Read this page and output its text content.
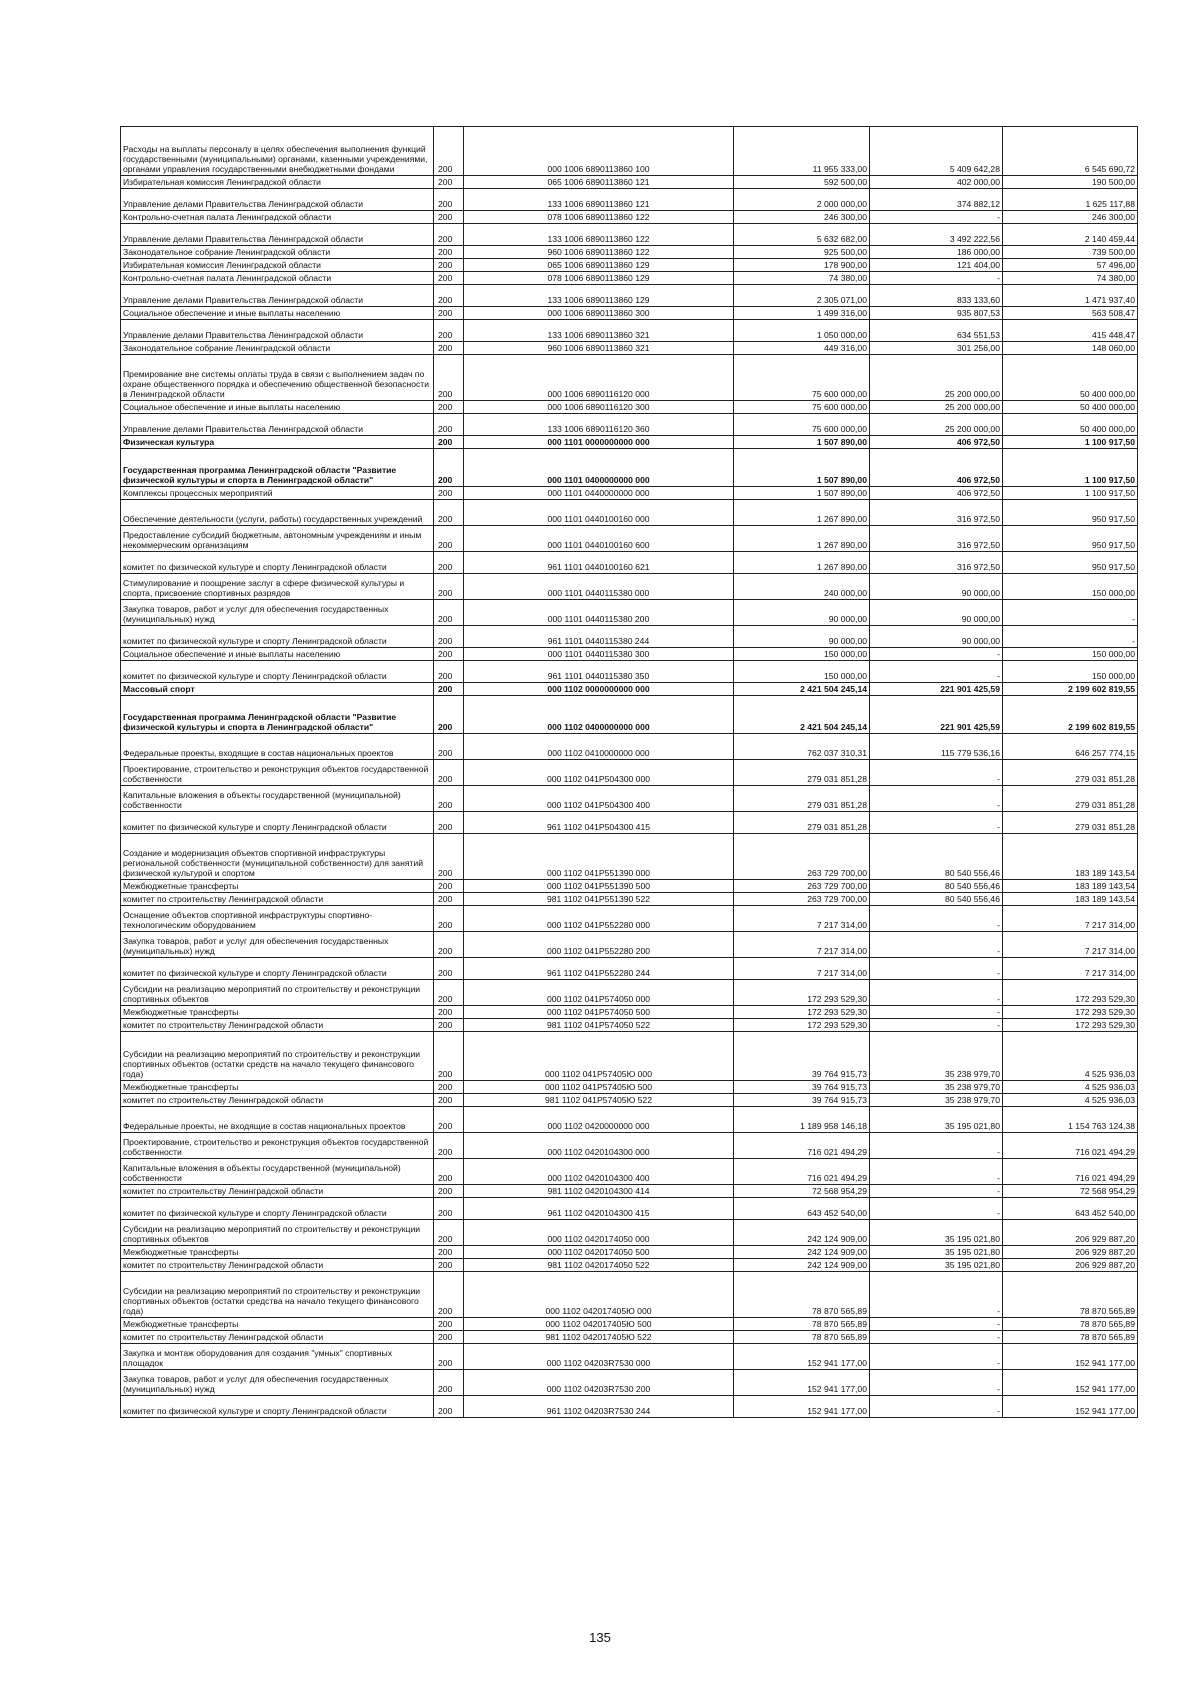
Расходы на выплаты персоналу в целях обеспечения выполнения функций государственными (муниципальными) органами, казенными учреждениями, органами управления государственными внебюджетными фондами	200	000 1006 6890113860 100	11 955 333,00	5 409 642,28	6 545 690,72
Избирательная комиссия Ленинградской области	200	065 1006 6890113860 121	592 500,00	402 000,00	190 500,00
Управление делами Правительства Ленинградской области	200	133 1006 6890113860 121	2 000 000,00	374 882,12	1 625 117,88
Контрольно-счетная палата Ленинградской области	200	078 1006 6890113860 122	246 300,00	-	246 300,00
Управление делами Правительства Ленинградской области	200	133 1006 6890113860 122	5 632 682,00	3 492 222,56	2 140 459,44
Законодательное собрание Ленинградской области	200	960 1006 6890113860 122	925 500,00	186 000,00	739 500,00
Избирательная комиссия Ленинградской области	200	065 1006 6890113860 129	178 900,00	121 404,00	57 496,00
Контрольно-счетная палата Ленинградской области	200	078 1006 6890113860 129	74 380,00	-	74 380,00
Управление делами Правительства Ленинградской области	200	133 1006 6890113860 129	2 305 071,00	833 133,60	1 471 937,40
Социальное обеспечение и иные выплаты населению	200	000 1006 6890113860 300	1 499 316,00	935 807,53	563 508,47
Управление делами Правительства Ленинградской области	200	133 1006 6890113860 321	1 050 000,00	634 551,53	415 448,47
Законодательное собрание Ленинградской области	200	960 1006 6890113860 321	449 316,00	301 256,00	148 060,00
Премирование вне системы оплаты труда в связи с выполнением задач по охране общественного порядка и обеспечению общественной безопасности в Ленинградской области	200	000 1006 6890116120 000	75 600 000,00	25 200 000,00	50 400 000,00
Социальное обеспечение и иные выплаты населению	200	000 1006 6890116120 300	75 600 000,00	25 200 000,00	50 400 000,00
Управление делами Правительства Ленинградской области	200	133 1006 6890116120 360	75 600 000,00	25 200 000,00	50 400 000,00
Физическая культура	200	000 1101 0000000000 000	1 507 890,00	406 972,50	1 100 917,50
Государственная программа Ленинградской области "Развитие физической культуры и спорта в Ленинградской области"	200	000 1101 0400000000 000	1 507 890,00	406 972,50	1 100 917,50
Комплексы процессных мероприятий	200	000 1101 0440000000 000	1 507 890,00	406 972,50	1 100 917,50
Обеспечение деятельности (услуги, работы) государственных учреждений	200	000 1101 0440100160 000	1 267 890,00	316 972,50	950 917,50
Предоставление субсидий бюджетным, автономным учреждениям и иным некоммерческим организациям	200	000 1101 0440100160 600	1 267 890,00	316 972,50	950 917,50
комитет по физической культуре и спорту Ленинградской области	200	961 1101 0440100160 621	1 267 890,00	316 972,50	950 917,50
Стимулирование и поощрение заслуг в сфере физической культуры и спорта, присвоение спортивных разрядов	200	000 1101 0440115380 000	240 000,00	90 000,00	150 000,00
Закупка товаров, работ и услуг для обеспечения государственных (муниципальных) нужд	200	000 1101 0440115380 200	90 000,00	90 000,00	-
комитет по физической культуре и спорту Ленинградской области	200	961 1101 0440115380 244	90 000,00	90 000,00	-
Социальное обеспечение и иные выплаты населению	200	000 1101 0440115380 300	150 000,00	-	150 000,00
комитет по физической культуре и спорту Ленинградской области	200	961 1101 0440115380 350	150 000,00	-	150 000,00
Массовый спорт	200	000 1102 0000000000 000	2 421 504 245,14	221 901 425,59	2 199 602 819,55
Государственная программа Ленинградской области "Развитие физической культуры и спорта в Ленинградской области"	200	000 1102 0400000000 000	2 421 504 245,14	221 901 425,59	2 199 602 819,55
Федеральные проекты, входящие в состав национальных проектов	200	000 1102 0410000000 000	762 037 310,31	115 779 536,16	646 257 774,15
Проектирование, строительство и реконструкция объектов государственной собственности	200	000 1102 041P504300 000	279 031 851,28	-	279 031 851,28
Капитальные вложения в объекты государственной (муниципальной) собственности	200	000 1102 041P504300 400	279 031 851,28	-	279 031 851,28
комитет по физической культуре и спорту Ленинградской области	200	961 1102 041P504300 415	279 031 851,28	-	279 031 851,28
Создание и модернизация объектов спортивной инфраструктуры региональной собственности (муниципальной собственности) для занятий физической культурой и спортом	200	000 1102 041P551390 000	263 729 700,00	80 540 556,46	183 189 143,54
Межбюджетные трансферты	200	000 1102 041P551390 500	263 729 700,00	80 540 556,46	183 189 143,54
комитет по строительству Ленинградской области	200	981 1102 041P551390 522	263 729 700,00	80 540 556,46	183 189 143,54
Оснащение объектов спортивной инфраструктуры спортивно-технологическим оборудованием	200	000 1102 041P552280 000	7 217 314,00	-	7 217 314,00
Закупка товаров, работ и услуг для обеспечения государственных (муниципальных) нужд	200	000 1102 041P552280 200	7 217 314,00	-	7 217 314,00
комитет по физической культуре и спорту Ленинградской области	200	961 1102 041P552280 244	7 217 314,00	-	7 217 314,00
Субсидии на реализацию мероприятий по строительству и реконструкции спортивных объектов	200	000 1102 041P574050 000	172 293 529,30	-	172 293 529,30
Межбюджетные трансферты	200	000 1102 041P574050 500	172 293 529,30	-	172 293 529,30
комитет по строительству Ленинградской области	200	981 1102 041P574050 522	172 293 529,30	-	172 293 529,30
Субсидии на реализацию мероприятий по строительству и реконструкции спортивных объектов (остатки средств на начало текущего финансового года)	200	000 1102 041P57405Ю 000	39 764 915,73	35 238 979,70	4 525 936,03
Межбюджетные трансферты	200	000 1102 041P57405Ю 500	39 764 915,73	35 238 979,70	4 525 936,03
комитет по строительству Ленинградской области	200	981 1102 041P57405Ю 522	39 764 915,73	35 238 979,70	4 525 936,03
Федеральные проекты, не входящие в состав национальных проектов	200	000 1102 0420000000 000	1 189 958 146,18	35 195 021,80	1 154 763 124,38
Проектирование, строительство и реконструкция объектов государственной собственности	200	000 1102 0420104300 000	716 021 494,29	-	716 021 494,29
Капитальные вложения в объекты государственной (муниципальной) собственности	200	000 1102 0420104300 400	716 021 494,29	-	716 021 494,29
комитет по строительству Ленинградской области	200	981 1102 0420104300 414	72 568 954,29	-	72 568 954,29
комитет по физической культуре и спорту Ленинградской области	200	961 1102 0420104300 415	643 452 540,00	-	643 452 540,00
Субсидии на реализацию мероприятий по строительству и реконструкции спортивных объектов	200	000 1102 0420174050 000	242 124 909,00	35 195 021,80	206 929 887,20
Межбюджетные трансферты	200	000 1102 0420174050 500	242 124 909,00	35 195 021,80	206 929 887,20
комитет по строительству Ленинградской области	200	981 1102 0420174050 522	242 124 909,00	35 195 021,80	206 929 887,20
Субсидии на реализацию мероприятий по строительству и реконструкции спортивных объектов (остатки средства на начало текущего финансового года)	200	000 1102 042017405Ю 000	78 870 565,89	-	78 870 565,89
Межбюджетные трансферты	200	000 1102 042017405Ю 500	78 870 565,89	-	78 870 565,89
комитет по строительству Ленинградской области	200	981 1102 042017405Ю 522	78 870 565,89	-	78 870 565,89
Закупка и монтаж оборудования для создания "умных" спортивных площадок	200	000 1102 04203R7530 000	152 941 177,00	-	152 941 177,00
Закупка товаров, работ и услуг для обеспечения государственных (муниципальных) нужд	200	000 1102 04203R7530 200	152 941 177,00	-	152 941 177,00
комитет по физической культуре и спорту Ленинградской области	200	961 1102 04203R7530 244	152 941 177,00	-	152 941 177,00
135
